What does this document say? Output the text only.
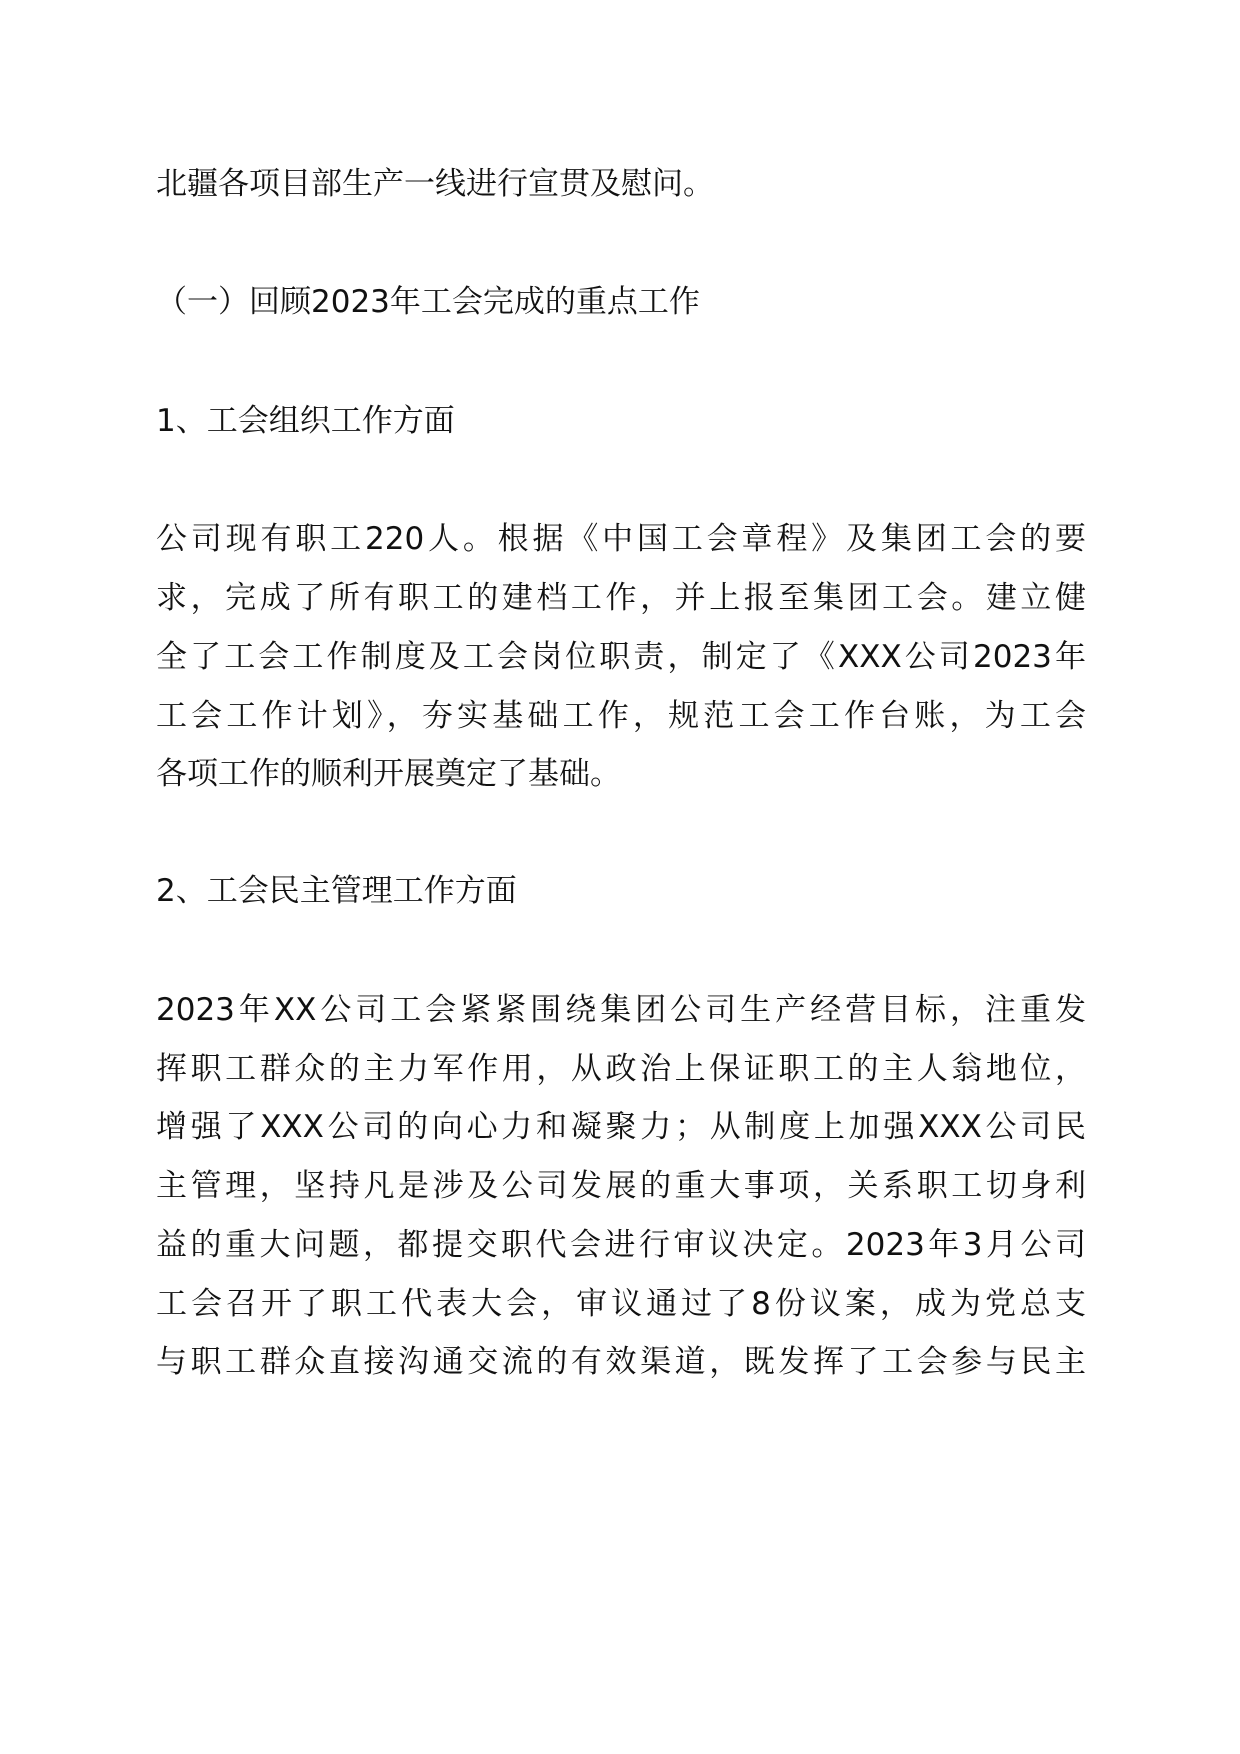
北疆各项目部生产一线进行宣贯及慰问。
（一）回顾2023年工会完成的重点工作
1、工会组织工作方面
公司现有职工220人。根据《中国工会章程》及集团工会的要
求，完成了所有职工的建档工作，并上报至集团工会。建立健
全了工会工作制度及工会岗位职责，制定了《XXX公司2023年
工会工作计划》，夯实基础工作，规范工会工作台账，为工会
各项工作的顺利开展奠定了基础。
2、工会民主管理工作方面
2023年XX公司工会紧紧围绕集团公司生产经营目标，注重发
挥职工群众的主力军作用，从政治上保证职工的主人翁地位，
增强了XXX公司的向心力和凝聚力；从制度上加强XXX公司民
主管理，坚持凡是涉及公司发展的重大事项，关系职工切身利
益的重大问题，都提交职代会进行审议决定。2023年3月公司
工会召开了职工代表大会，审议通过了8份议案，成为党总支
与职工群众直接沟通交流的有效渠道，既发挥了工会参与民主
